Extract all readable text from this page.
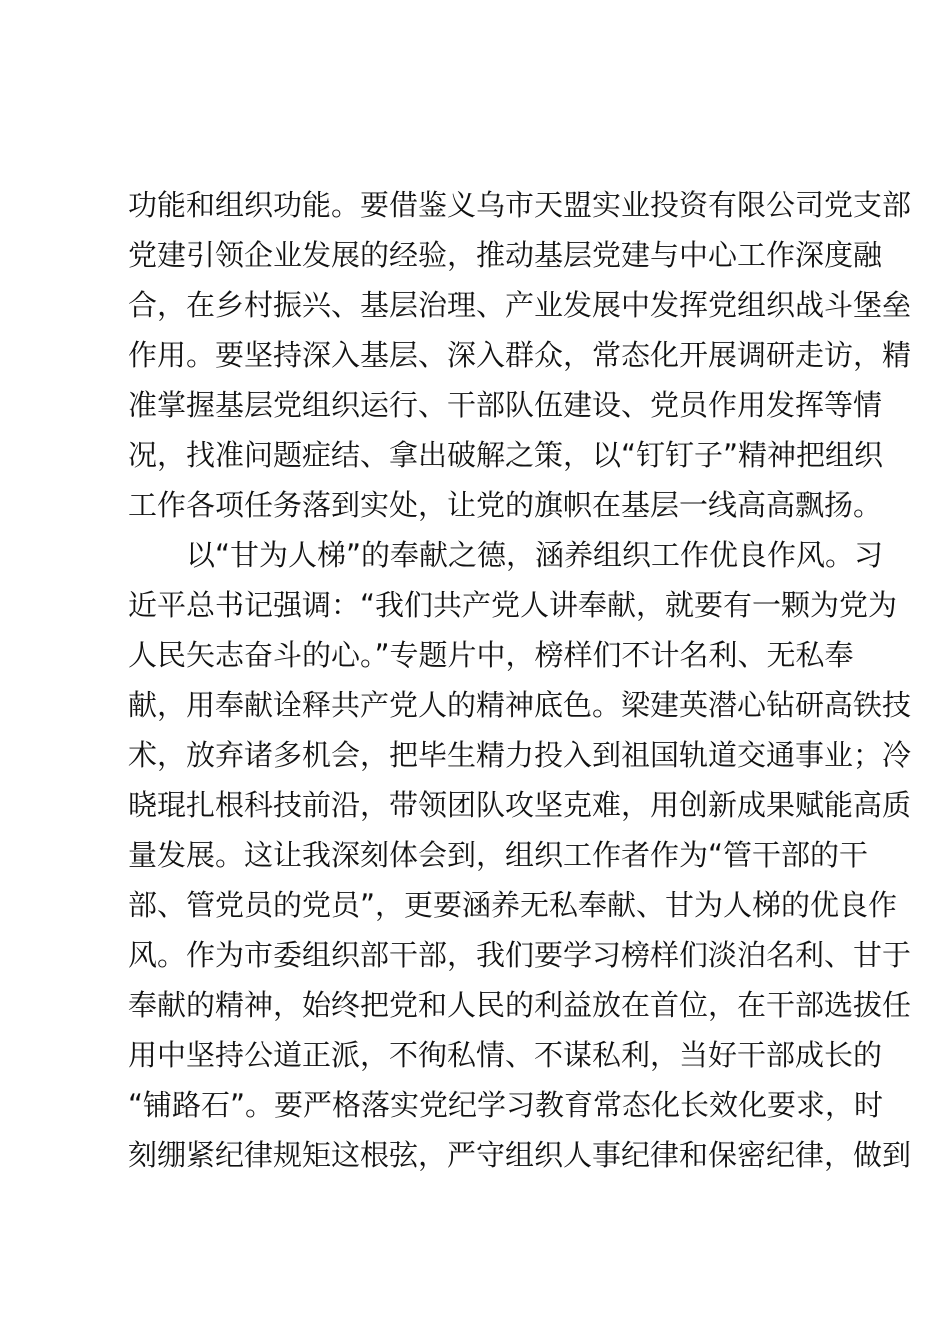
功能和组织功能。要借鉴义乌市天盟实业投资有限公司党支部
党建引领企业发展的经验，推动基层党建与中心工作深度融
合，在乡村振兴、基层治理、产业发展中发挥党组织战斗堡垒
作用。要坚持深入基层、深入群众，常态化开展调研走访，精
准掌握基层党组织运行、干部队伍建设、党员作用发挥等情
况，找准问题症结、拿出破解之策，以“钉钉子”精神把组织
工作各项任务落到实处，让党的旗帜在基层一线高高飘扬。
以“甘为人梯”的奉献之德，涵养组织工作优良作风。习
近平总书记强调：“我们共产党人讲奉献，就要有一颗为党为
人民矢志奋斗的心。”专题片中，榜样们不计名利、无私奉
献，用奉献诠释共产党人的精神底色。梁建英潜心钻研高铁技
术，放弃诸多机会，把毕生精力投入到祖国轨道交通事业；冷
晓琨扎根科技前沿，带领团队攻坚克难，用创新成果赋能高质
量发展。这让我深刻体会到，组织工作者作为“管干部的干
部、管党员的党员”，更要涵养无私奉献、甘为人梯的优良作
风。作为市委组织部干部，我们要学习榜样们淡泊名利、甘于
奉献的精神，始终把党和人民的利益放在首位，在干部选拔任
用中坚持公道正派，不徇私情、不谋私利，当好干部成长的
“铺路石”。要严格落实党纪学习教育常态化长效化要求，时
刻绷紧纪律规矩这根弦，严守组织人事纪律和保密纪律，做到
